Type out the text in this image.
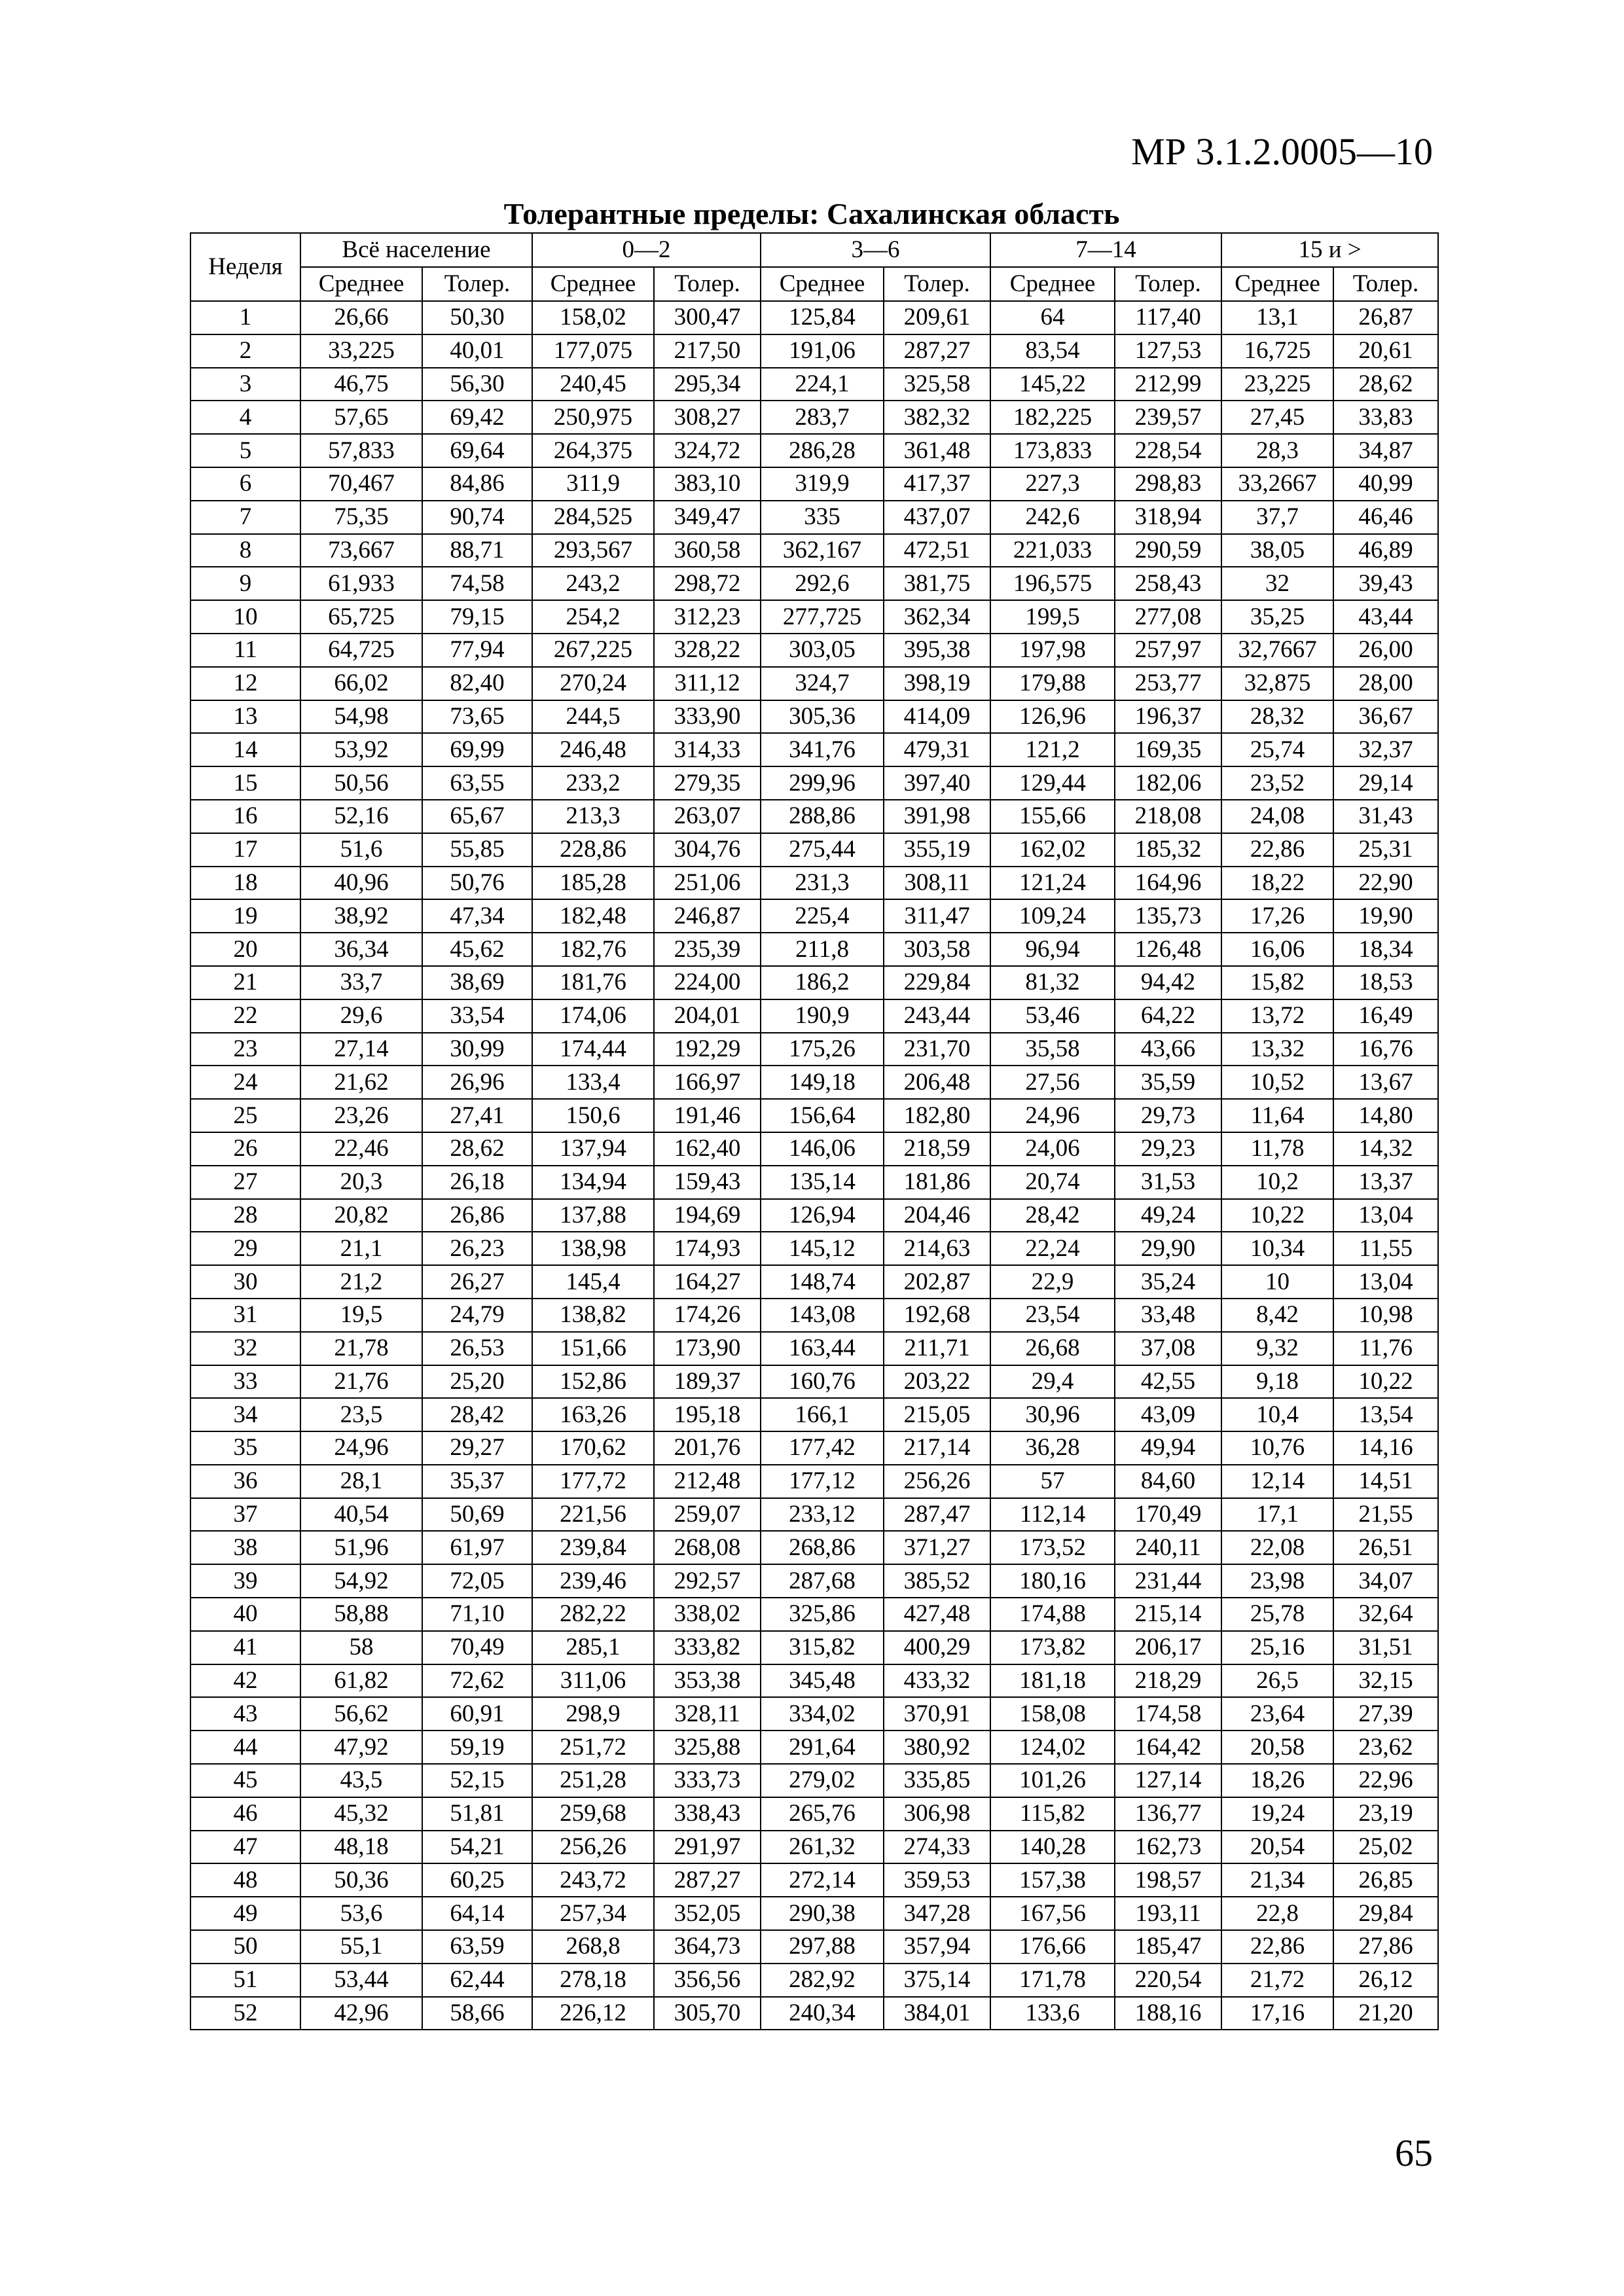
МР 3.1.2.0005—10
Толерантные пределы: Сахалинская область
Неделя	Всё население		0—2		3—6		7—14		15 и >	
	Среднее	Толер.	Среднее	Толер.	Среднее	Толер.	Среднее	Толер.	Среднее	Толер.
1	26,66	50,30	158,02	300,47	125,84	209,61	64	117,40	13,1	26,87
2	33,225	40,01	177,075	217,50	191,06	287,27	83,54	127,53	16,725	20,61
3	46,75	56,30	240,45	295,34	224,1	325,58	145,22	212,99	23,225	28,62
4	57,65	69,42	250,975	308,27	283,7	382,32	182,225	239,57	27,45	33,83
5	57,833	69,64	264,375	324,72	286,28	361,48	173,833	228,54	28,3	34,87
6	70,467	84,86	311,9	383,10	319,9	417,37	227,3	298,83	33,2667	40,99
7	75,35	90,74	284,525	349,47	335	437,07	242,6	318,94	37,7	46,46
8	73,667	88,71	293,567	360,58	362,167	472,51	221,033	290,59	38,05	46,89
9	61,933	74,58	243,2	298,72	292,6	381,75	196,575	258,43	32	39,43
10	65,725	79,15	254,2	312,23	277,725	362,34	199,5	277,08	35,25	43,44
11	64,725	77,94	267,225	328,22	303,05	395,38	197,98	257,97	32,7667	26,00
12	66,02	82,40	270,24	311,12	324,7	398,19	179,88	253,77	32,875	28,00
13	54,98	73,65	244,5	333,90	305,36	414,09	126,96	196,37	28,32	36,67
14	53,92	69,99	246,48	314,33	341,76	479,31	121,2	169,35	25,74	32,37
15	50,56	63,55	233,2	279,35	299,96	397,40	129,44	182,06	23,52	29,14
16	52,16	65,67	213,3	263,07	288,86	391,98	155,66	218,08	24,08	31,43
17	51,6	55,85	228,86	304,76	275,44	355,19	162,02	185,32	22,86	25,31
18	40,96	50,76	185,28	251,06	231,3	308,11	121,24	164,96	18,22	22,90
19	38,92	47,34	182,48	246,87	225,4	311,47	109,24	135,73	17,26	19,90
20	36,34	45,62	182,76	235,39	211,8	303,58	96,94	126,48	16,06	18,34
21	33,7	38,69	181,76	224,00	186,2	229,84	81,32	94,42	15,82	18,53
22	29,6	33,54	174,06	204,01	190,9	243,44	53,46	64,22	13,72	16,49
23	27,14	30,99	174,44	192,29	175,26	231,70	35,58	43,66	13,32	16,76
24	21,62	26,96	133,4	166,97	149,18	206,48	27,56	35,59	10,52	13,67
25	23,26	27,41	150,6	191,46	156,64	182,80	24,96	29,73	11,64	14,80
26	22,46	28,62	137,94	162,40	146,06	218,59	24,06	29,23	11,78	14,32
27	20,3	26,18	134,94	159,43	135,14	181,86	20,74	31,53	10,2	13,37
28	20,82	26,86	137,88	194,69	126,94	204,46	28,42	49,24	10,22	13,04
29	21,1	26,23	138,98	174,93	145,12	214,63	22,24	29,90	10,34	11,55
30	21,2	26,27	145,4	164,27	148,74	202,87	22,9	35,24	10	13,04
31	19,5	24,79	138,82	174,26	143,08	192,68	23,54	33,48	8,42	10,98
32	21,78	26,53	151,66	173,90	163,44	211,71	26,68	37,08	9,32	11,76
33	21,76	25,20	152,86	189,37	160,76	203,22	29,4	42,55	9,18	10,22
34	23,5	28,42	163,26	195,18	166,1	215,05	30,96	43,09	10,4	13,54
35	24,96	29,27	170,62	201,76	177,42	217,14	36,28	49,94	10,76	14,16
36	28,1	35,37	177,72	212,48	177,12	256,26	57	84,60	12,14	14,51
37	40,54	50,69	221,56	259,07	233,12	287,47	112,14	170,49	17,1	21,55
38	51,96	61,97	239,84	268,08	268,86	371,27	173,52	240,11	22,08	26,51
39	54,92	72,05	239,46	292,57	287,68	385,52	180,16	231,44	23,98	34,07
40	58,88	71,10	282,22	338,02	325,86	427,48	174,88	215,14	25,78	32,64
41	58	70,49	285,1	333,82	315,82	400,29	173,82	206,17	25,16	31,51
42	61,82	72,62	311,06	353,38	345,48	433,32	181,18	218,29	26,5	32,15
43	56,62	60,91	298,9	328,11	334,02	370,91	158,08	174,58	23,64	27,39
44	47,92	59,19	251,72	325,88	291,64	380,92	124,02	164,42	20,58	23,62
45	43,5	52,15	251,28	333,73	279,02	335,85	101,26	127,14	18,26	22,96
46	45,32	51,81	259,68	338,43	265,76	306,98	115,82	136,77	19,24	23,19
47	48,18	54,21	256,26	291,97	261,32	274,33	140,28	162,73	20,54	25,02
48	50,36	60,25	243,72	287,27	272,14	359,53	157,38	198,57	21,34	26,85
49	53,6	64,14	257,34	352,05	290,38	347,28	167,56	193,11	22,8	29,84
50	55,1	63,59	268,8	364,73	297,88	357,94	176,66	185,47	22,86	27,86
51	53,44	62,44	278,18	356,56	282,92	375,14	171,78	220,54	21,72	26,12
52	42,96	58,66	226,12	305,70	240,34	384,01	133,6	188,16	17,16	21,20
65
